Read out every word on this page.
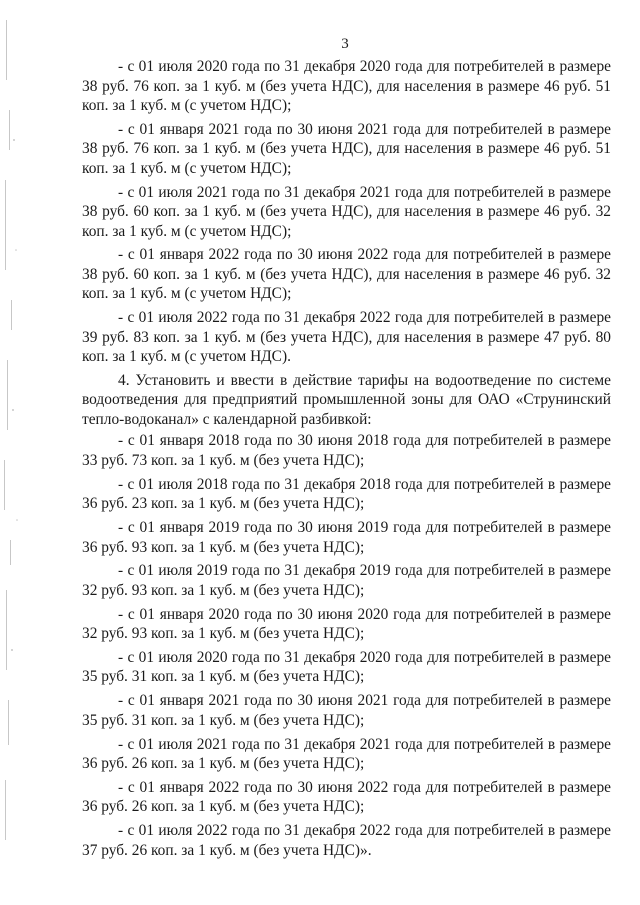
3

- с 01 июля 2020 года по 31 декабря 2020 года для потребителей в размере 38 руб. 76 коп. за 1 куб. м (без учета НДС), для населения в размере 46 руб. 51 коп. за 1 куб. м (с учетом НДС);

- с 01 января 2021 года по 30 июня 2021 года для потребителей в размере 38 руб. 76 коп. за 1 куб. м (без учета НДС), для населения в размере 46 руб. 51 коп. за 1 куб. м (с учетом НДС);

- с 01 июля 2021 года по 31 декабря 2021 года для потребителей в размере 38 руб. 60 коп. за 1 куб. м (без учета НДС), для населения в размере 46 руб. 32 коп. за 1 куб. м (с учетом НДС);

- с 01 января 2022 года по 30 июня 2022 года для потребителей в размере 38 руб. 60 коп. за 1 куб. м (без учета НДС), для населения в размере 46 руб. 32 коп. за 1 куб. м (с учетом НДС);

- с 01 июля 2022 года по 31 декабря 2022 года для потребителей в размере 39 руб. 83 коп. за 1 куб. м (без учета НДС), для населения в размере 47 руб. 80 коп. за 1 куб. м (с учетом НДС).

4. Установить и ввести в действие тарифы на водоотведение по системе водоотведения для предприятий промышленной зоны для ОАО «Струнинский тепло-водоканал» с календарной разбивкой:

- с 01 января 2018 года по 30 июня 2018 года для потребителей в размере 33 руб. 73 коп. за 1 куб. м (без учета НДС);

- с 01 июля 2018 года по 31 декабря 2018 года для потребителей в размере 36 руб. 23 коп. за 1 куб. м (без учета НДС);

- с 01 января 2019 года по 30 июня 2019 года для потребителей в размере 36 руб. 93 коп. за 1 куб. м (без учета НДС);

- с 01 июля 2019 года по 31 декабря 2019 года для потребителей в размере 32 руб. 93 коп. за 1 куб. м (без учета НДС);

- с 01 января 2020 года по 30 июня 2020 года для потребителей в размере 32 руб. 93 коп. за 1 куб. м (без учета НДС);

- с 01 июля 2020 года по 31 декабря 2020 года для потребителей в размере 35 руб. 31 коп. за 1 куб. м (без учета НДС);

- с 01 января 2021 года по 30 июня 2021 года для потребителей в размере 35 руб. 31 коп. за 1 куб. м (без учета НДС);

- с 01 июля 2021 года по 31 декабря 2021 года для потребителей в размере 36 руб. 26 коп. за 1 куб. м (без учета НДС);

- с 01 января 2022 года по 30 июня 2022 года для потребителей в размере 36 руб. 26 коп. за 1 куб. м (без учета НДС);

- с 01 июля 2022 года по 31 декабря 2022 года для потребителей в размере 37 руб. 26 коп. за 1 куб. м (без учета НДС)».
